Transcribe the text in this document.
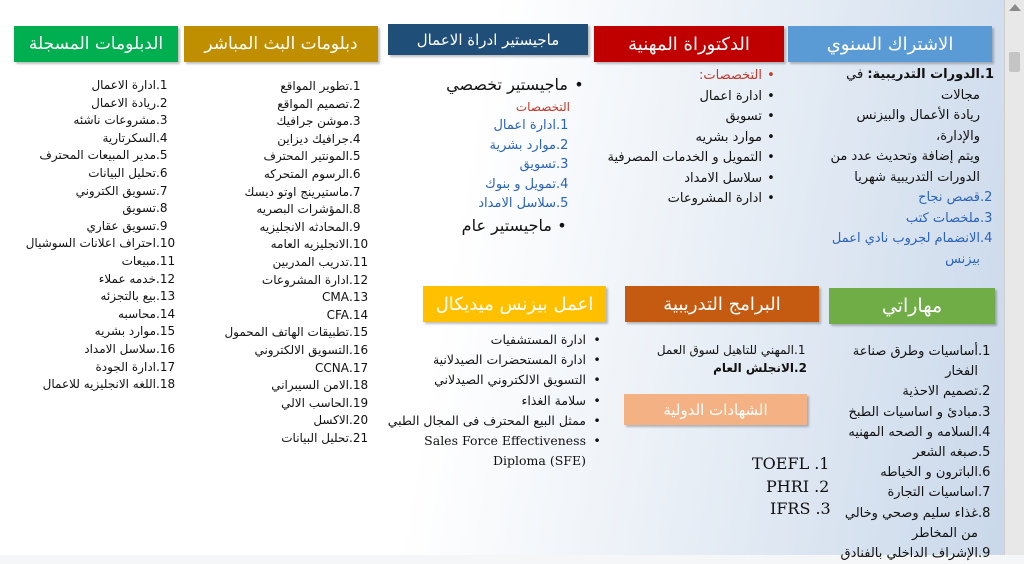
الاشتراك السنوي
الدكتوراة المهنية
ماجيستير ادراة الاعمال
دبلومات البث المباشر
الدبلومات المسجلة
مهاراتي
البرامج التدريبية
اعمل بيزنس ميديكال
الشهادات الدولية
1.
الدورات التدريبية: في مجالات
ريادة الأعمال والبيزنس والإدارة،
ويتم إضافة وتحديث عدد من
الدورات التدريبية شهريا
2.
قصص نجاح
3.
ملخصات كتب
4.
الانضمام لجروب نادي اعمل
بيزنس
•
التخصصات:
•
ادارة اعمال
•
تسويق
•
موارد بشريه
•
التمويل و الخدمات المصرفية
•
سلاسل الامداد
•
ادارة المشروعات
•
ماجيستير تخصصي
التخصصات
1.
ادارة اعمال
2.
موارد بشرية
3.
تسويق
4.
تمويل و بنوك
5.
سلاسل الامداد
•
ماجيستير عام
1.
تطوير المواقع
2.
تصميم المواقع
3.
موشن جرافيك
4.
جرافيك ديزاين
5.
المونتير المحترف
6.
الرسوم المتحركه
7.
ماستيرينج اوتو ديسك
8.
المؤشرات البصريه
9.
المحادثه الانجليزيه
10.
الانجليزيه العامه
11.
تدريب المدربين
12.
ادارة المشروعات
13.
CMA
14.
CFA
15.
تطبيقات الهاتف المحمول
16.
التسويق الالكتروني
17.
CCNA
18.
الامن السيبراني
19.
الحاسب الالي
20.
الاكسل
21.
تحليل البيانات
1.
ادارة الاعمال
2.
ريادة الاعمال
3.
مشروعات ناشئه
4.
السكرتارية
5.
مدير المبيعات المحترف
6.
تحليل البيانات
7.
تسويق الكتروني
8.
تسويق
9.
تسويق عقاري
10.
احتراف اعلانات السوشيال
11.
مبيعات
12.
خدمه عملاء
13.
بيع بالتجزئه
14.
محاسبه
15.
موارد بشريه
16.
سلاسل الامداد
17.
ادارة الجودة
18.
اللغه الانجليزيه للاعمال
1.
أساسيات وطرق صناعة
الفخار
2.
تصميم الاحذية
3.
مبادئ و اساسيات الطبخ
4.
السلامه و الصحه المهنيه
5.
صبغه الشعر
6.
الباترون و الخياطه
7.
اساسيات التجارة
8.
غذاء سليم وصحي وخالي
من المخاطر
9.
الإشراف الداخلي بالفنادق
1.
المهني للتاهيل لسوق العمل
2.
الانجلش العام
•
ادارة المستشفيات
•
ادارة المستحضرات الصيدلانية
•
التسويق الالكتروني الصيدلاني
•
سلامة الغذاء
•
ممثل البيع المحترف فى المجال الطبي
•
Sales Force Effectiveness
(SFE) Diploma	TOEFL .1
PHRI .2
IFRS .3
